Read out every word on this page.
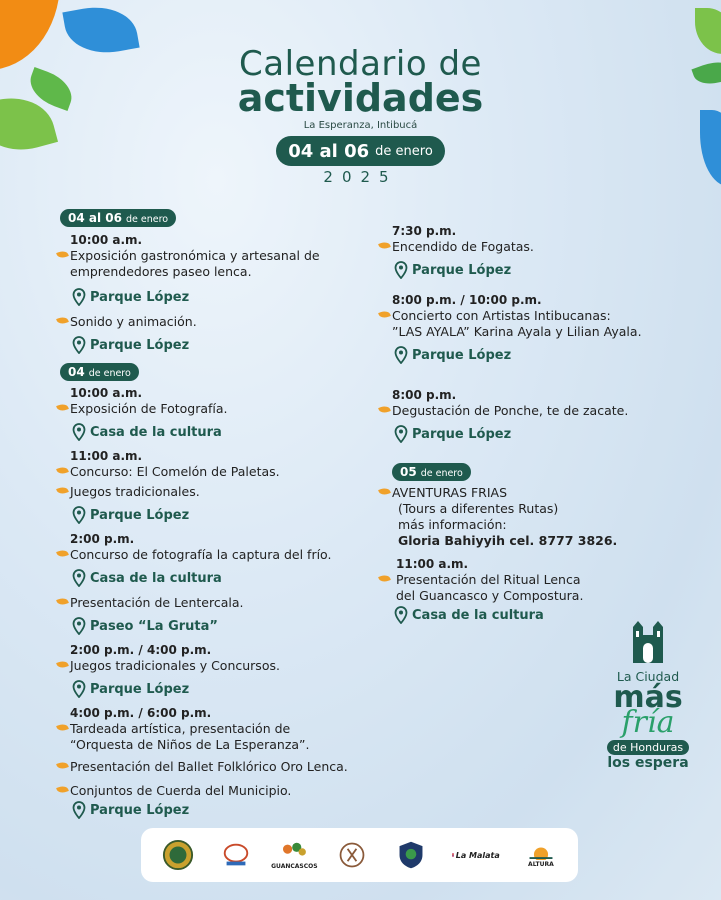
Calendario de
actividades
La Esperanza, Intibucá
04 al 06 de enero
2025
04 al 06 de enero
10:00 a.m.
Exposición gastronómica y artesanal de
emprendedores paseo lenca.
Parque López
Sonido y animación.
Parque López
04 de enero
10:00 a.m.
Exposición de Fotografía.
Casa de la cultura
11:00 a.m.
Concurso: El Comelón de Paletas.
Juegos tradicionales.
Parque López
2:00 p.m.
Concurso de fotografía la captura del frío.
Casa de la cultura
Presentación de Lentercala.
Paseo “La Gruta”
2:00 p.m. / 4:00 p.m.
Juegos tradicionales y Concursos.
Parque López
4:00 p.m. / 6:00 p.m.
Tardeada artística, presentación de
“Orquesta de Niños de La Esperanza”.
Presentación del Ballet Folklórico Oro Lenca.
Conjuntos de Cuerda del Municipio.
Parque López
7:30 p.m.
Encendido de Fogatas.
Parque López
8:00 p.m. / 10:00 p.m.
Concierto con Artistas Intibucanas:
”LAS AYALA” Karina Ayala y Lilian Ayala.
Parque López
8:00 p.m.
Degustación de Ponche, te de zacate.
Parque López
05 de enero
AVENTURAS FRIAS
(Tours a diferentes Rutas)
más información:
Gloria Bahiyyih cel. 8777 3826.
11:00 a.m.
Presentación del Ritual Lenca
del Guancasco y Compostura.
Casa de la cultura
La Ciudad
más
fría
de Honduras
los espera
GUANCASCOS
La Malata
ALTURA
